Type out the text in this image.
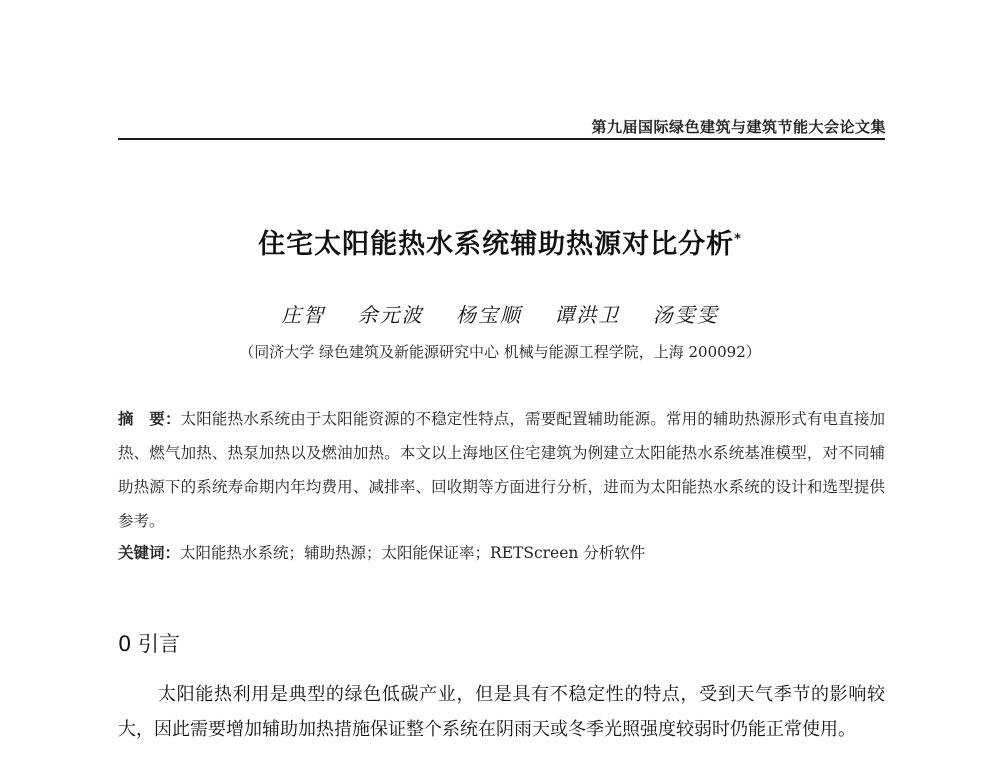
第九届国际绿色建筑与建筑节能大会论文集
住宅太阳能热水系统辅助热源对比分析*
庄智 余元波 杨宝顺 谭洪卫 汤雯雯
（同济大学 绿色建筑及新能源研究中心 机械与能源工程学院，上海 200092）
摘　要：太阳能热水系统由于太阳能资源的不稳定性特点，需要配置辅助能源。常用的辅助热源形式有电直接加热、燃气加热、热泵加热以及燃油加热。本文以上海地区住宅建筑为例建立太阳能热水系统基准模型，对不同辅助热源下的系统寿命期内年均费用、减排率、回收期等方面进行分析，进而为太阳能热水系统的设计和选型提供参考。
关键词：太阳能热水系统；辅助热源；太阳能保证率；RETScreen 分析软件
0 引言
太阳能热利用是典型的绿色低碳产业，但是具有不稳定性的特点，受到天气季节的影响较大，因此需要增加辅助加热措施保证整个系统在阴雨天或冬季光照强度较弱时仍能正常使用。
